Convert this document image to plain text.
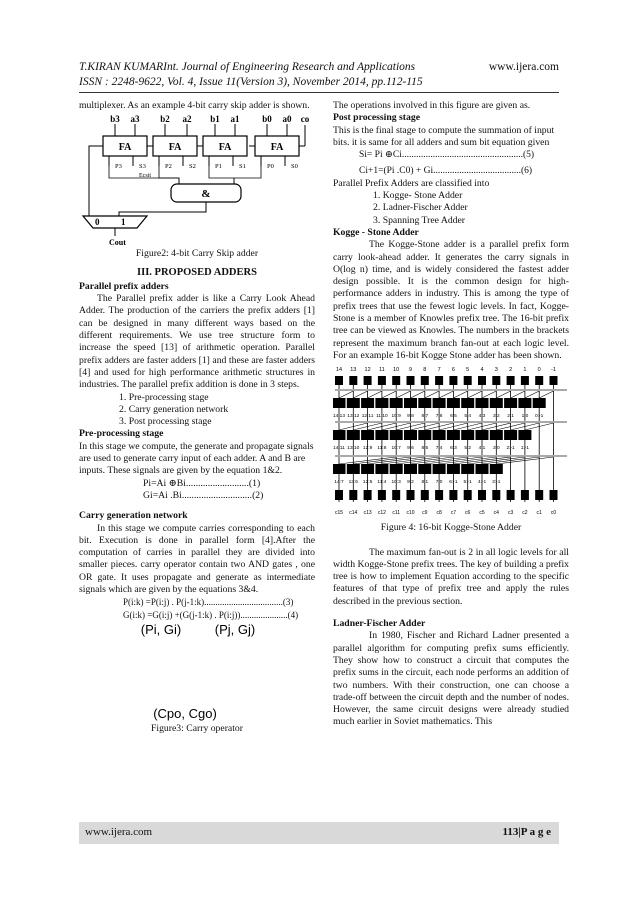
T.KIRAN KUMARInt. Journal of Engineering Research and Applications	www.ijera.com
ISSN : 2248-9622, Vol. 4, Issue 11(Version 3), November 2014, pp.112-115

multiplexer. As an example 4-bit carry skip adder is shown.

b3 a3 b2 a2 b1 a1	b0 a0 co
FA	FA	FA	FA
P3	S3	P2	S2	P1	S1	P0	S0
Ecsit
&
0 1
Cout
Figure2: 4-bit Carry Skip adder
III. PROPOSED ADDERS

Parallel prefix adders

The Parallel prefix adder is like a Carry Look Ahead Adder. The production of the carriers the prefix adders [1] can be designed in many different ways based on the different requirements. We use tree structure form to increase the speed [13] of arithmetic operation. Parallel prefix adders are faster adders [1] and these are faster adders [4] and used for high performance arithmetic structures in industries. The parallel prefix addition is done in 3 steps.

1. Pre-processing stage
2. Carry generation network
3. Post processing stage

Pre-processing stage

In this stage we compute, the generate and propagate signals are used to generate carry input of each adder. A and B are inputs. These signals are given by the equation 1&2.

Pi=Ai ⊕Bi..........................(1)

Gi=Ai .Bi.............................(2)

Carry generation network

In this stage we compute carries corresponding to each bit. Execution is done in parallel form [4].After the computation of carries in parallel they are divided into smaller pieces. carry operator contain two AND gates , one OR gate. It uses propagate and generate as intermediate signals which are given by the equations 3&4.

P(i:k) =P(i:j) . P(j-1:k)...................................(3)

G(i:k) =G(i:j) +(G(j-1:k) . P(i:j)).....................(4)

(Pi, Gi)	(Pj, Gj)
(Cpo, Cgo)
Figure3: Carry operator

The operations involved in this figure are given as.

Post processing stage

This is the final stage to compute the summation of input bits. it is same for all adders and sum bit equation given

Si= Pi ⊕Ci...................................................(5)

Ci+1=(Pi .C0) + Gi.....................................(6)

Parallel Prefix Adders are classified into

1. Kogge- Stone Adder
2. Ladner-Fischer Adder
3. Spanning Tree Adder

Kogge - Stone Adder

The Kogge-Stone adder is a parallel prefix form carry look-ahead adder. It generates the carry signals in O(log n) time, and is widely considered the fastest adder design possible. It is the common design for high-performance adders in industry. This is among the type of prefix trees that use the fewest logic levels. In fact, Kogge-Stone is a member of Knowles prefix tree. The 16-bit prefix tree can be viewed as Knowles. The numbers in the brackets represent the maximum branch fan-out at each logic level. For an example 16-bit Kogge Stone adder has been shown.

14 13 12 11 10 9 8 7 6 5 4 3 2 1 0 -1
14:13 13:12 12:11 11:10 10:9 9:8 8:7 7:6 6:5 5:4 4:3 3:2 2:1 1:0 0:-1
14:11 13:10 12:9 11:8 10:7 9:6 8:5 7:4 6:3 5:2 4:1 3:0 2:-1 1:-1
14:7 13:6 12:5 11:4 10:3 9:2 8:1 7:0 6:-1 5:-1 4:-1 3:-1
c15 c14 c13 c12 c11 c10 c9 c8 c7 c6 c5 c4 c3 c2 c1 c0
Figure 4: 16-bit Kogge-Stone Adder

The maximum fan-out is 2 in all logic levels for all width Kogge-Stone prefix trees. The key of building a prefix tree is how to implement Equation according to the specific features of that type of prefix tree and apply the rules described in the previous section.

Ladner-Fischer Adder

In 1980, Fischer and Richard Ladner presented a parallel algorithm for computing prefix sums efficiently. They show how to construct a circuit that computes the prefix sums in the circuit, each node performs an addition of two numbers. With their construction, one can choose a trade-off between the circuit depth and the number of nodes. However, the same circuit designs were already studied much earlier in Soviet mathematics. This

www.ijera.com	113|P a g e
